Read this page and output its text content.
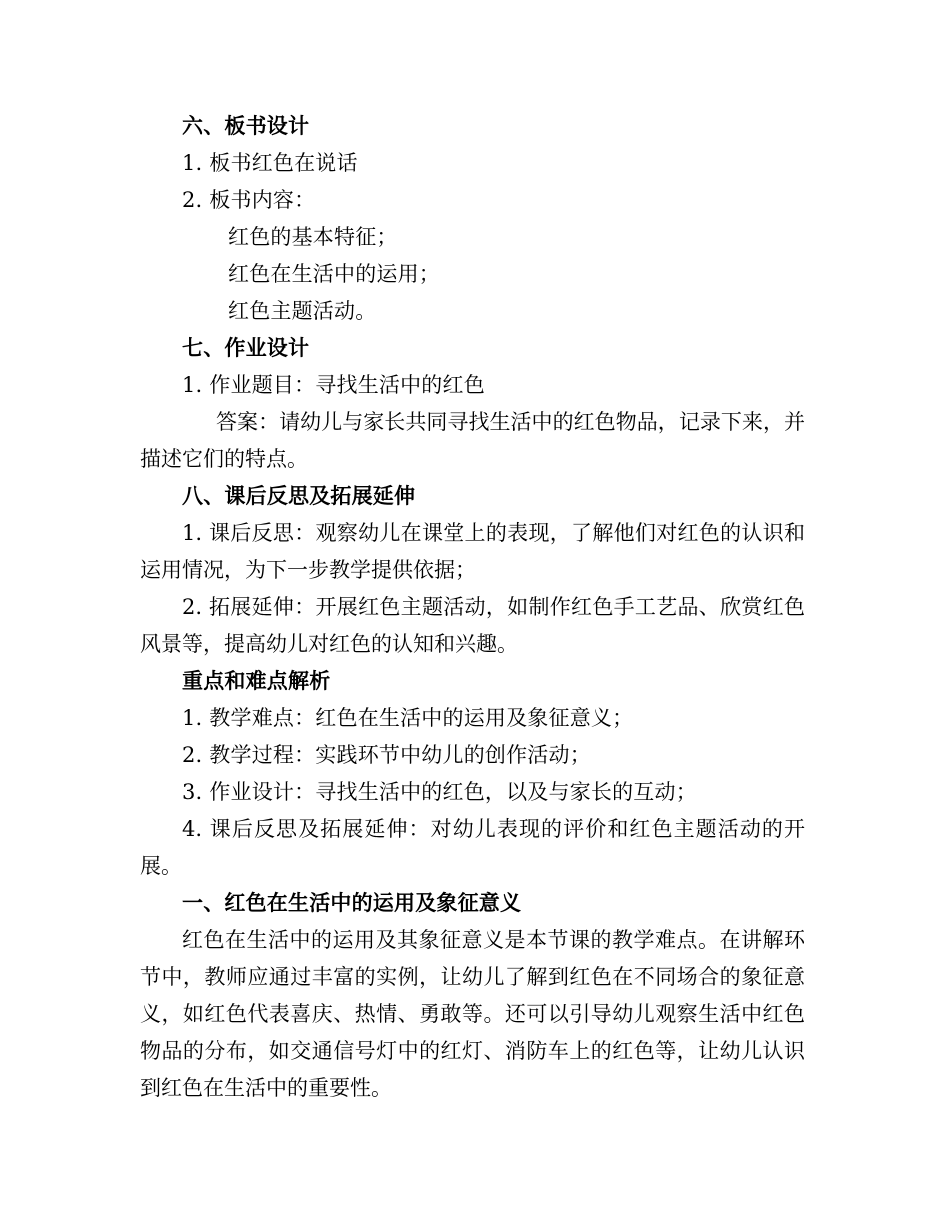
六、板书设计
1. 板书红色在说话
2. 板书内容：
红色的基本特征；
红色在生活中的运用；
红色主题活动。
七、作业设计
1. 作业题目：寻找生活中的红色
答案：请幼儿与家长共同寻找生活中的红色物品，记录下来，并描述它们的特点。
八、课后反思及拓展延伸
1. 课后反思：观察幼儿在课堂上的表现，了解他们对红色的认识和运用情况，为下一步教学提供依据；
2. 拓展延伸：开展红色主题活动，如制作红色手工艺品、欣赏红色风景等，提高幼儿对红色的认知和兴趣。
重点和难点解析
1. 教学难点：红色在生活中的运用及象征意义；
2. 教学过程：实践环节中幼儿的创作活动；
3. 作业设计：寻找生活中的红色，以及与家长的互动；
4. 课后反思及拓展延伸：对幼儿表现的评价和红色主题活动的开展。
一、红色在生活中的运用及象征意义
红色在生活中的运用及其象征意义是本节课的教学难点。在讲解环节中，教师应通过丰富的实例，让幼儿了解到红色在不同场合的象征意义，如红色代表喜庆、热情、勇敢等。还可以引导幼儿观察生活中红色物品的分布，如交通信号灯中的红灯、消防车上的红色等，让幼儿认识到红色在生活中的重要性。
